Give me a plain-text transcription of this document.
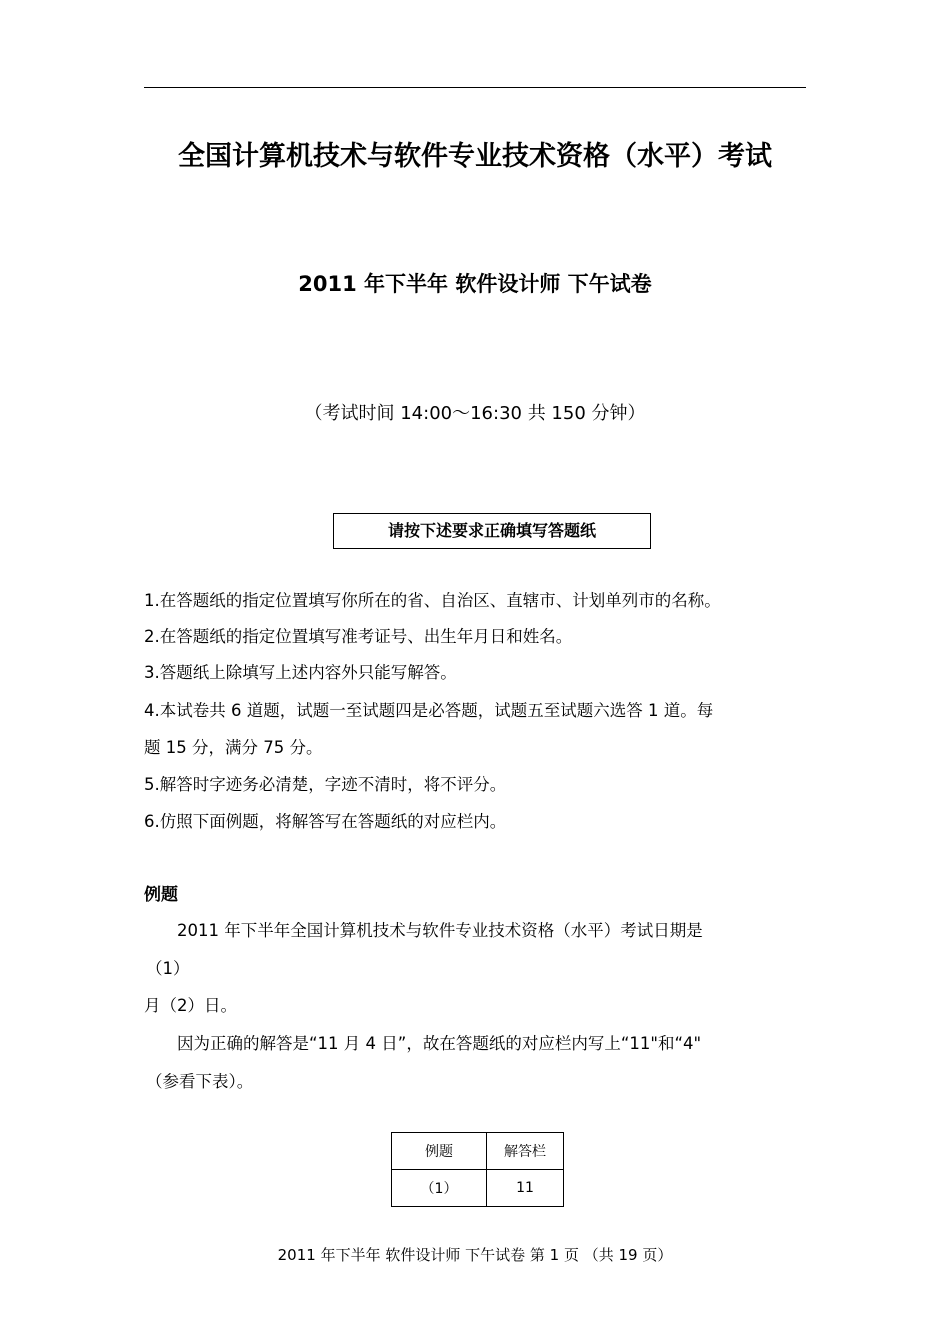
全国计算机技术与软件专业技术资格（水平）考试
2011 年下半年 软件设计师 下午试卷
（考试时间 14:00～16:30 共 150 分钟）
请按下述要求正确填写答题纸
1.在答题纸的指定位置填写你所在的省、自治区、直辖市、计划单列市的名称。
2.在答题纸的指定位置填写准考证号、出生年月日和姓名。
3.答题纸上除填写上述内容外只能写解答。
4.本试卷共 6 道题，试题一至试题四是必答题，试题五至试题六选答 1 道。每
题 15 分，满分 75 分。
5.解答时字迹务必清楚，字迹不清时，将不评分。
6.仿照下面例题，将解答写在答题纸的对应栏内。
例题
2011 年下半年全国计算机技术与软件专业技术资格（水平）考试日期是
（1）
月（2）日。
因为正确的解答是“11 月 4 日”，故在答题纸的对应栏内写上“11"和“4"
（参看下表）。
例题	解答栏
（1）	11
2011 年下半年 软件设计师 下午试卷 第 1 页 （共 19 页）
